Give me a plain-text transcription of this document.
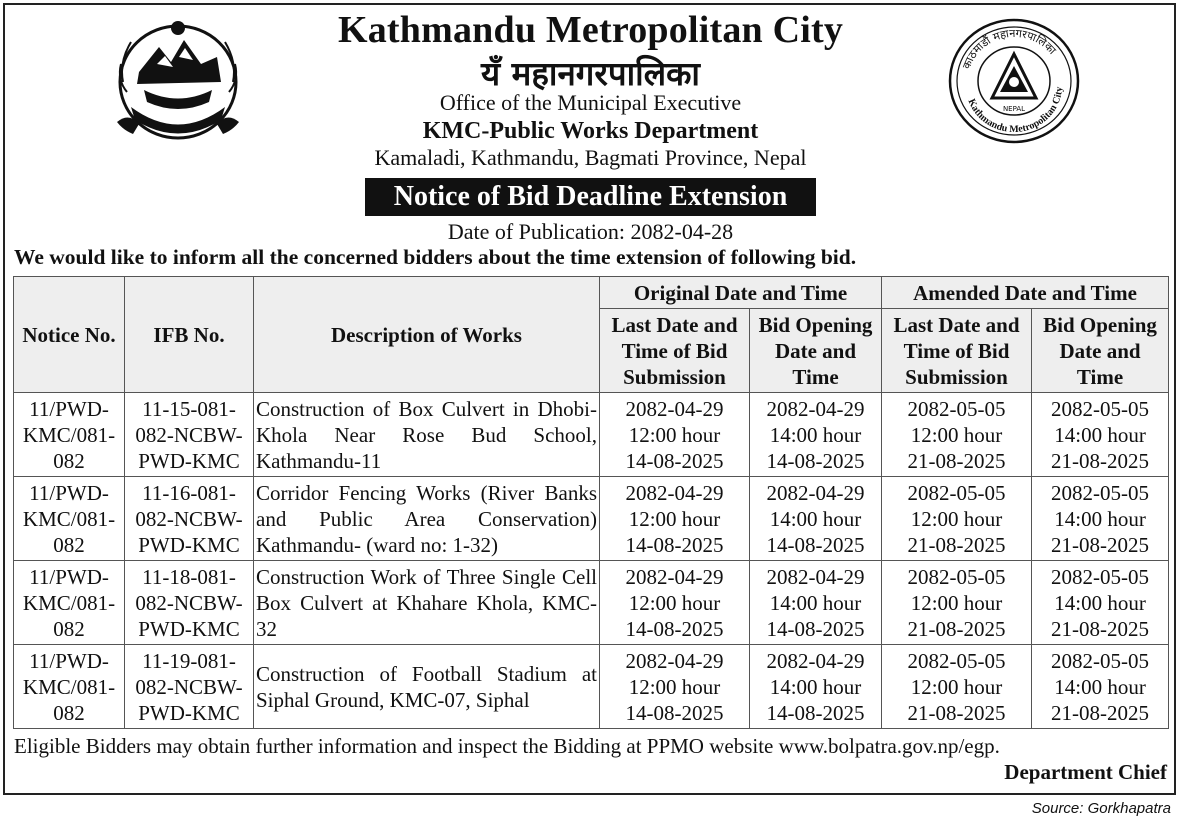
Kathmandu Metropolitan City
यँ महानगरपालिका
Office of the Municipal Executive
KMC-Public Works Department
Kamaladi, Kathmandu, Bagmati Province, Nepal
Notice of Bid Deadline Extension
Date of Publication: 2082-04-28
काठमाडौं महानगरपालिका
Kathmandu Metropolitan City
NEPAL
We would like to inform all the concerned bidders about the time extension of following bid.
Notice No.	IFB No.	Description of Works	Original Date and Time		Amended Date and Time	

			Last Date and
Time of Bid
Submission	Bid Opening
Date and
Time	Last Date and
Time of Bid
Submission	Bid Opening
Date and
Time

11/PWD-
KMC/081-
082	11-15-081-
082-NCBW-
PWD-KMC	Construction of Box Culvert in Dhobi-Khola Near Rose Bud School, Kathmandu-11	2082-04-29
12:00 hour
14-08-2025	2082-04-29
14:00 hour
14-08-2025	2082-05-05
12:00 hour
21-08-2025	2082-05-05
14:00 hour
21-08-2025

11/PWD-
KMC/081-
082	11-16-081-
082-NCBW-
PWD-KMC	Corridor Fencing Works (River Banks and Public Area Conservation) Kathmandu- (ward no: 1-32)	2082-04-29
12:00 hour
14-08-2025	2082-04-29
14:00 hour
14-08-2025	2082-05-05
12:00 hour
21-08-2025	2082-05-05
14:00 hour
21-08-2025

11/PWD-
KMC/081-
082	11-18-081-
082-NCBW-
PWD-KMC	Construction Work of Three Single Cell Box Culvert at Khahare Khola, KMC-32	2082-04-29
12:00 hour
14-08-2025	2082-04-29
14:00 hour
14-08-2025	2082-05-05
12:00 hour
21-08-2025	2082-05-05
14:00 hour
21-08-2025

11/PWD-
KMC/081-
082	11-19-081-
082-NCBW-
PWD-KMC	Construction of Football Stadium at Siphal Ground, KMC-07, Siphal	2082-04-29
12:00 hour
14-08-2025	2082-04-29
14:00 hour
14-08-2025	2082-05-05
12:00 hour
21-08-2025	2082-05-05
14:00 hour
21-08-2025
Eligible Bidders may obtain further information and inspect the Bidding at PPMO website www.bolpatra.gov.np/egp.
Department Chief
Source: Gorkhapatra
